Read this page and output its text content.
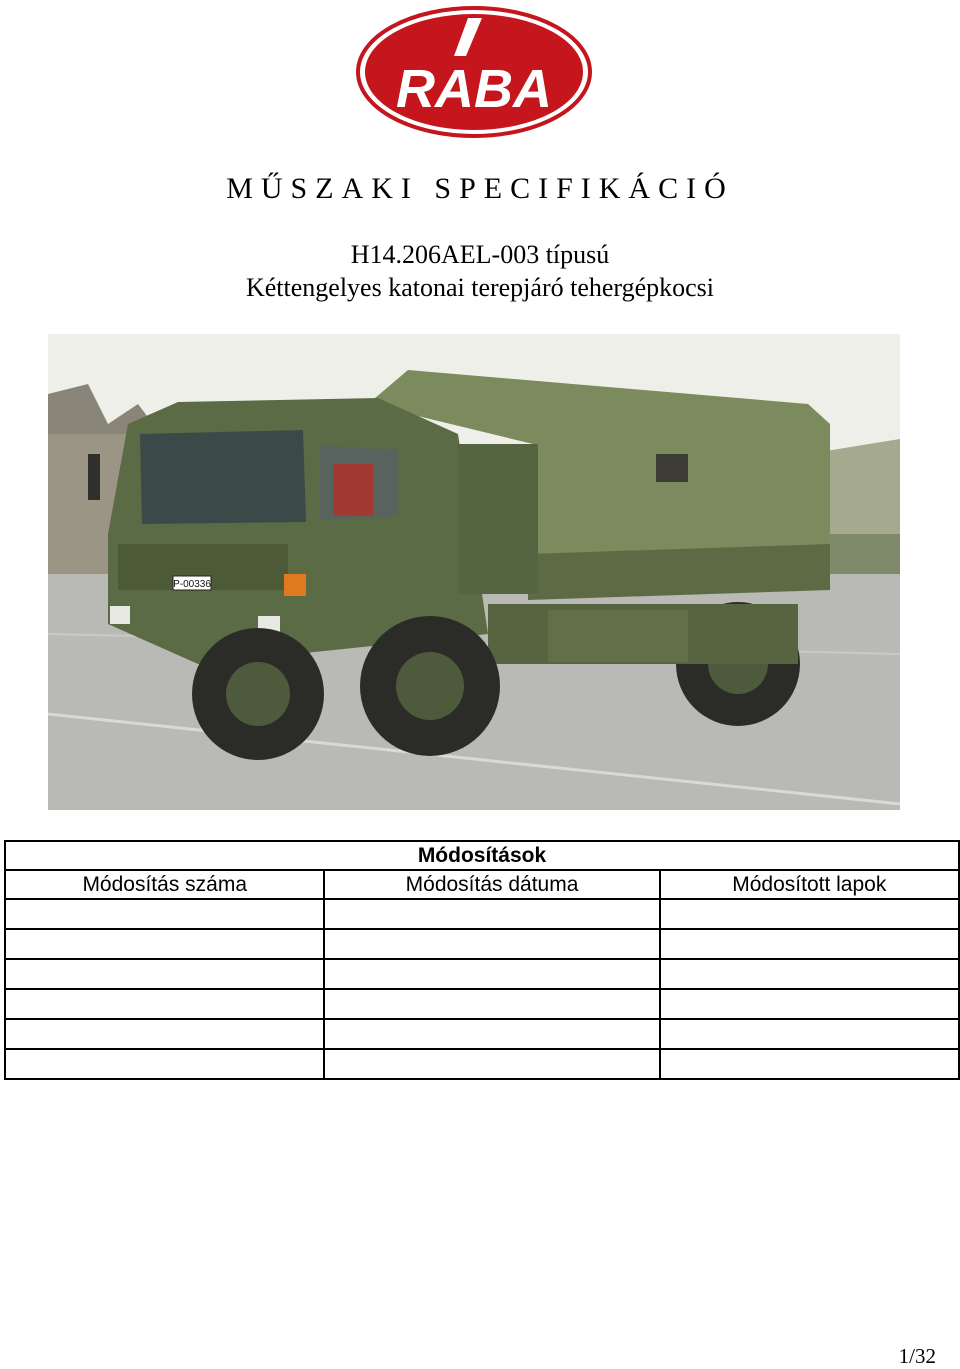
RABA
MŰSZAKI SPECIFIKÁCIÓ
H14.206AEL-003 típusú
Kéttengelyes katonai terepjáró tehergépkocsi
P-00336
Módosítások		
Módosítás száma	Módosítás dátuma	Módosított lapok

1/32
